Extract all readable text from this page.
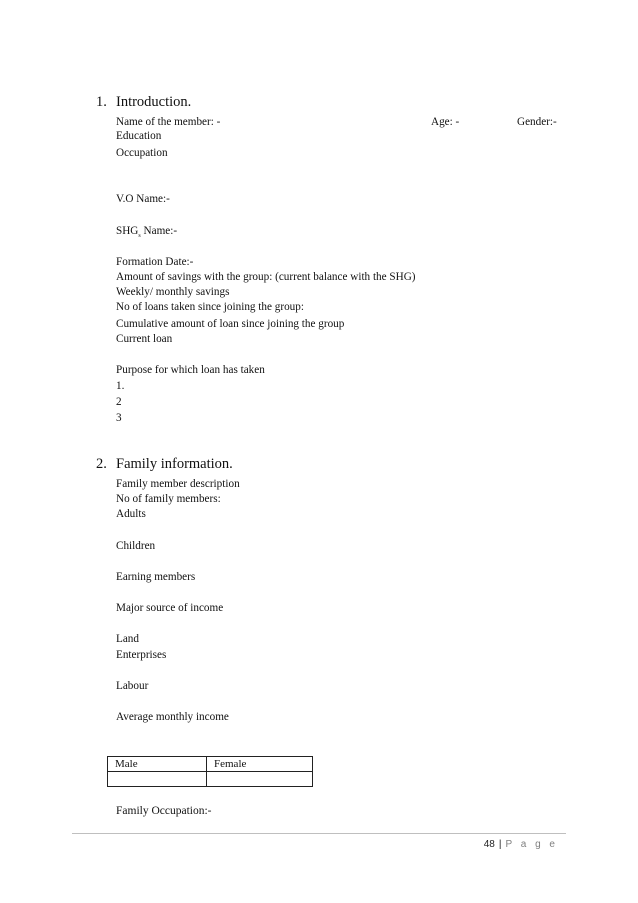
1. Introduction.
Name of the member: -	Age: -	Gender:-
Education
Occupation
V.O Name:-
$SHG_s$ Name:-
Formation Date:-
Amount of savings with the group: (current balance with the SHG)
Weekly/ monthly savings
No of loans taken since joining the group:
Cumulative amount of loan since joining the group
Current loan
Purpose for which loan has taken
1.
2
3
2. Family information.
Family member description
No of family members:
Adults
Children
Earning members
Major source of income
Land
Enterprises
Labour
Average monthly income
Male	Female

Family Occupation:-
48 | P a g e
